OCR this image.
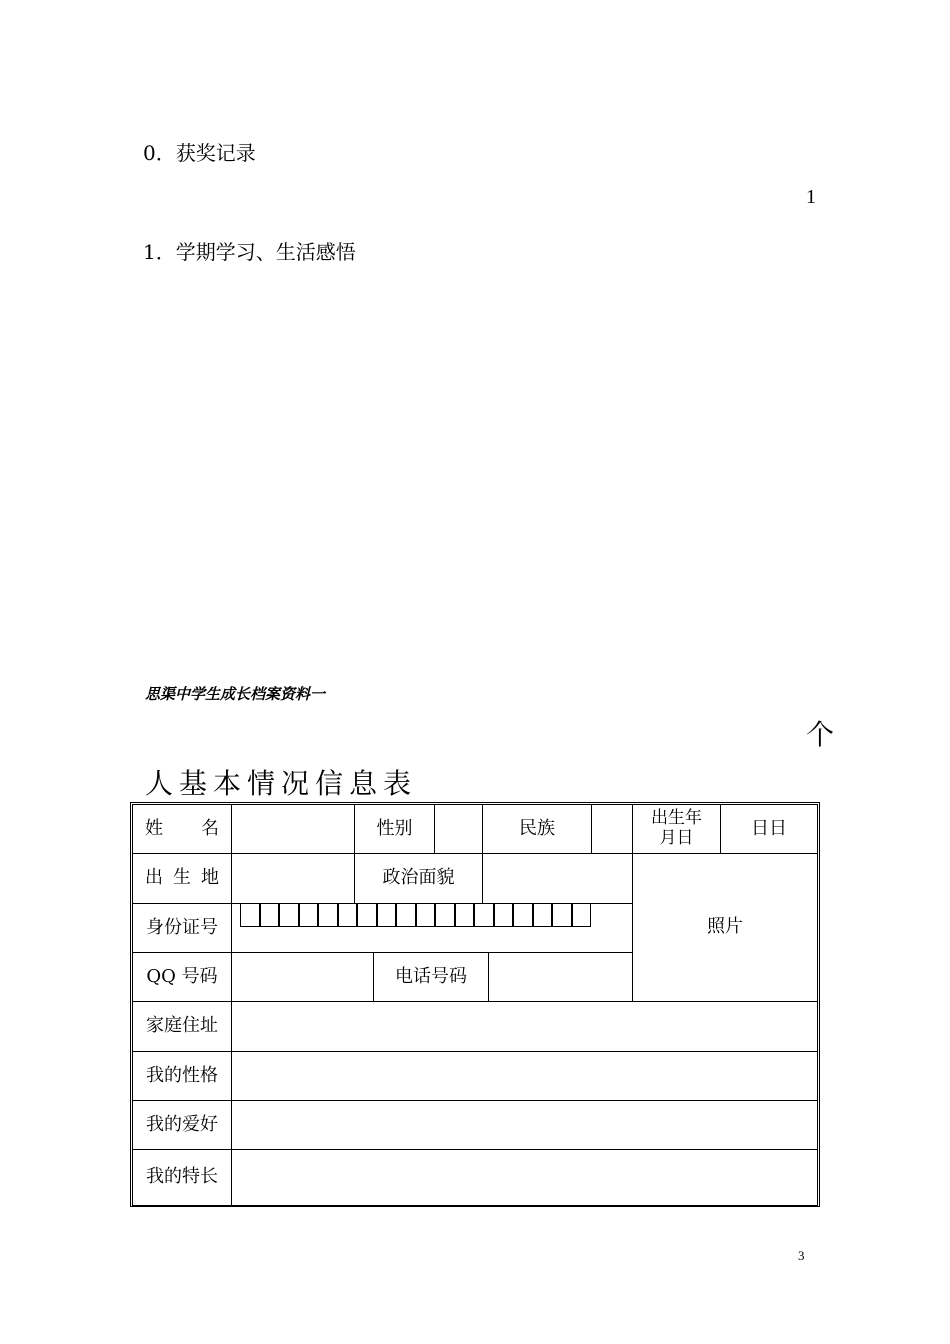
0．获奖记录

1

1．学期学习、生活感悟

思渠中学生成长档案资料一

个

人基本情况信息表

姓 名	性别	民族	出生年月日	日日
出 生 地	政治面貌
照片
身份证号
QQ 号码	电话号码
家庭住址
我的性格
我的爱好
我的特长

3
